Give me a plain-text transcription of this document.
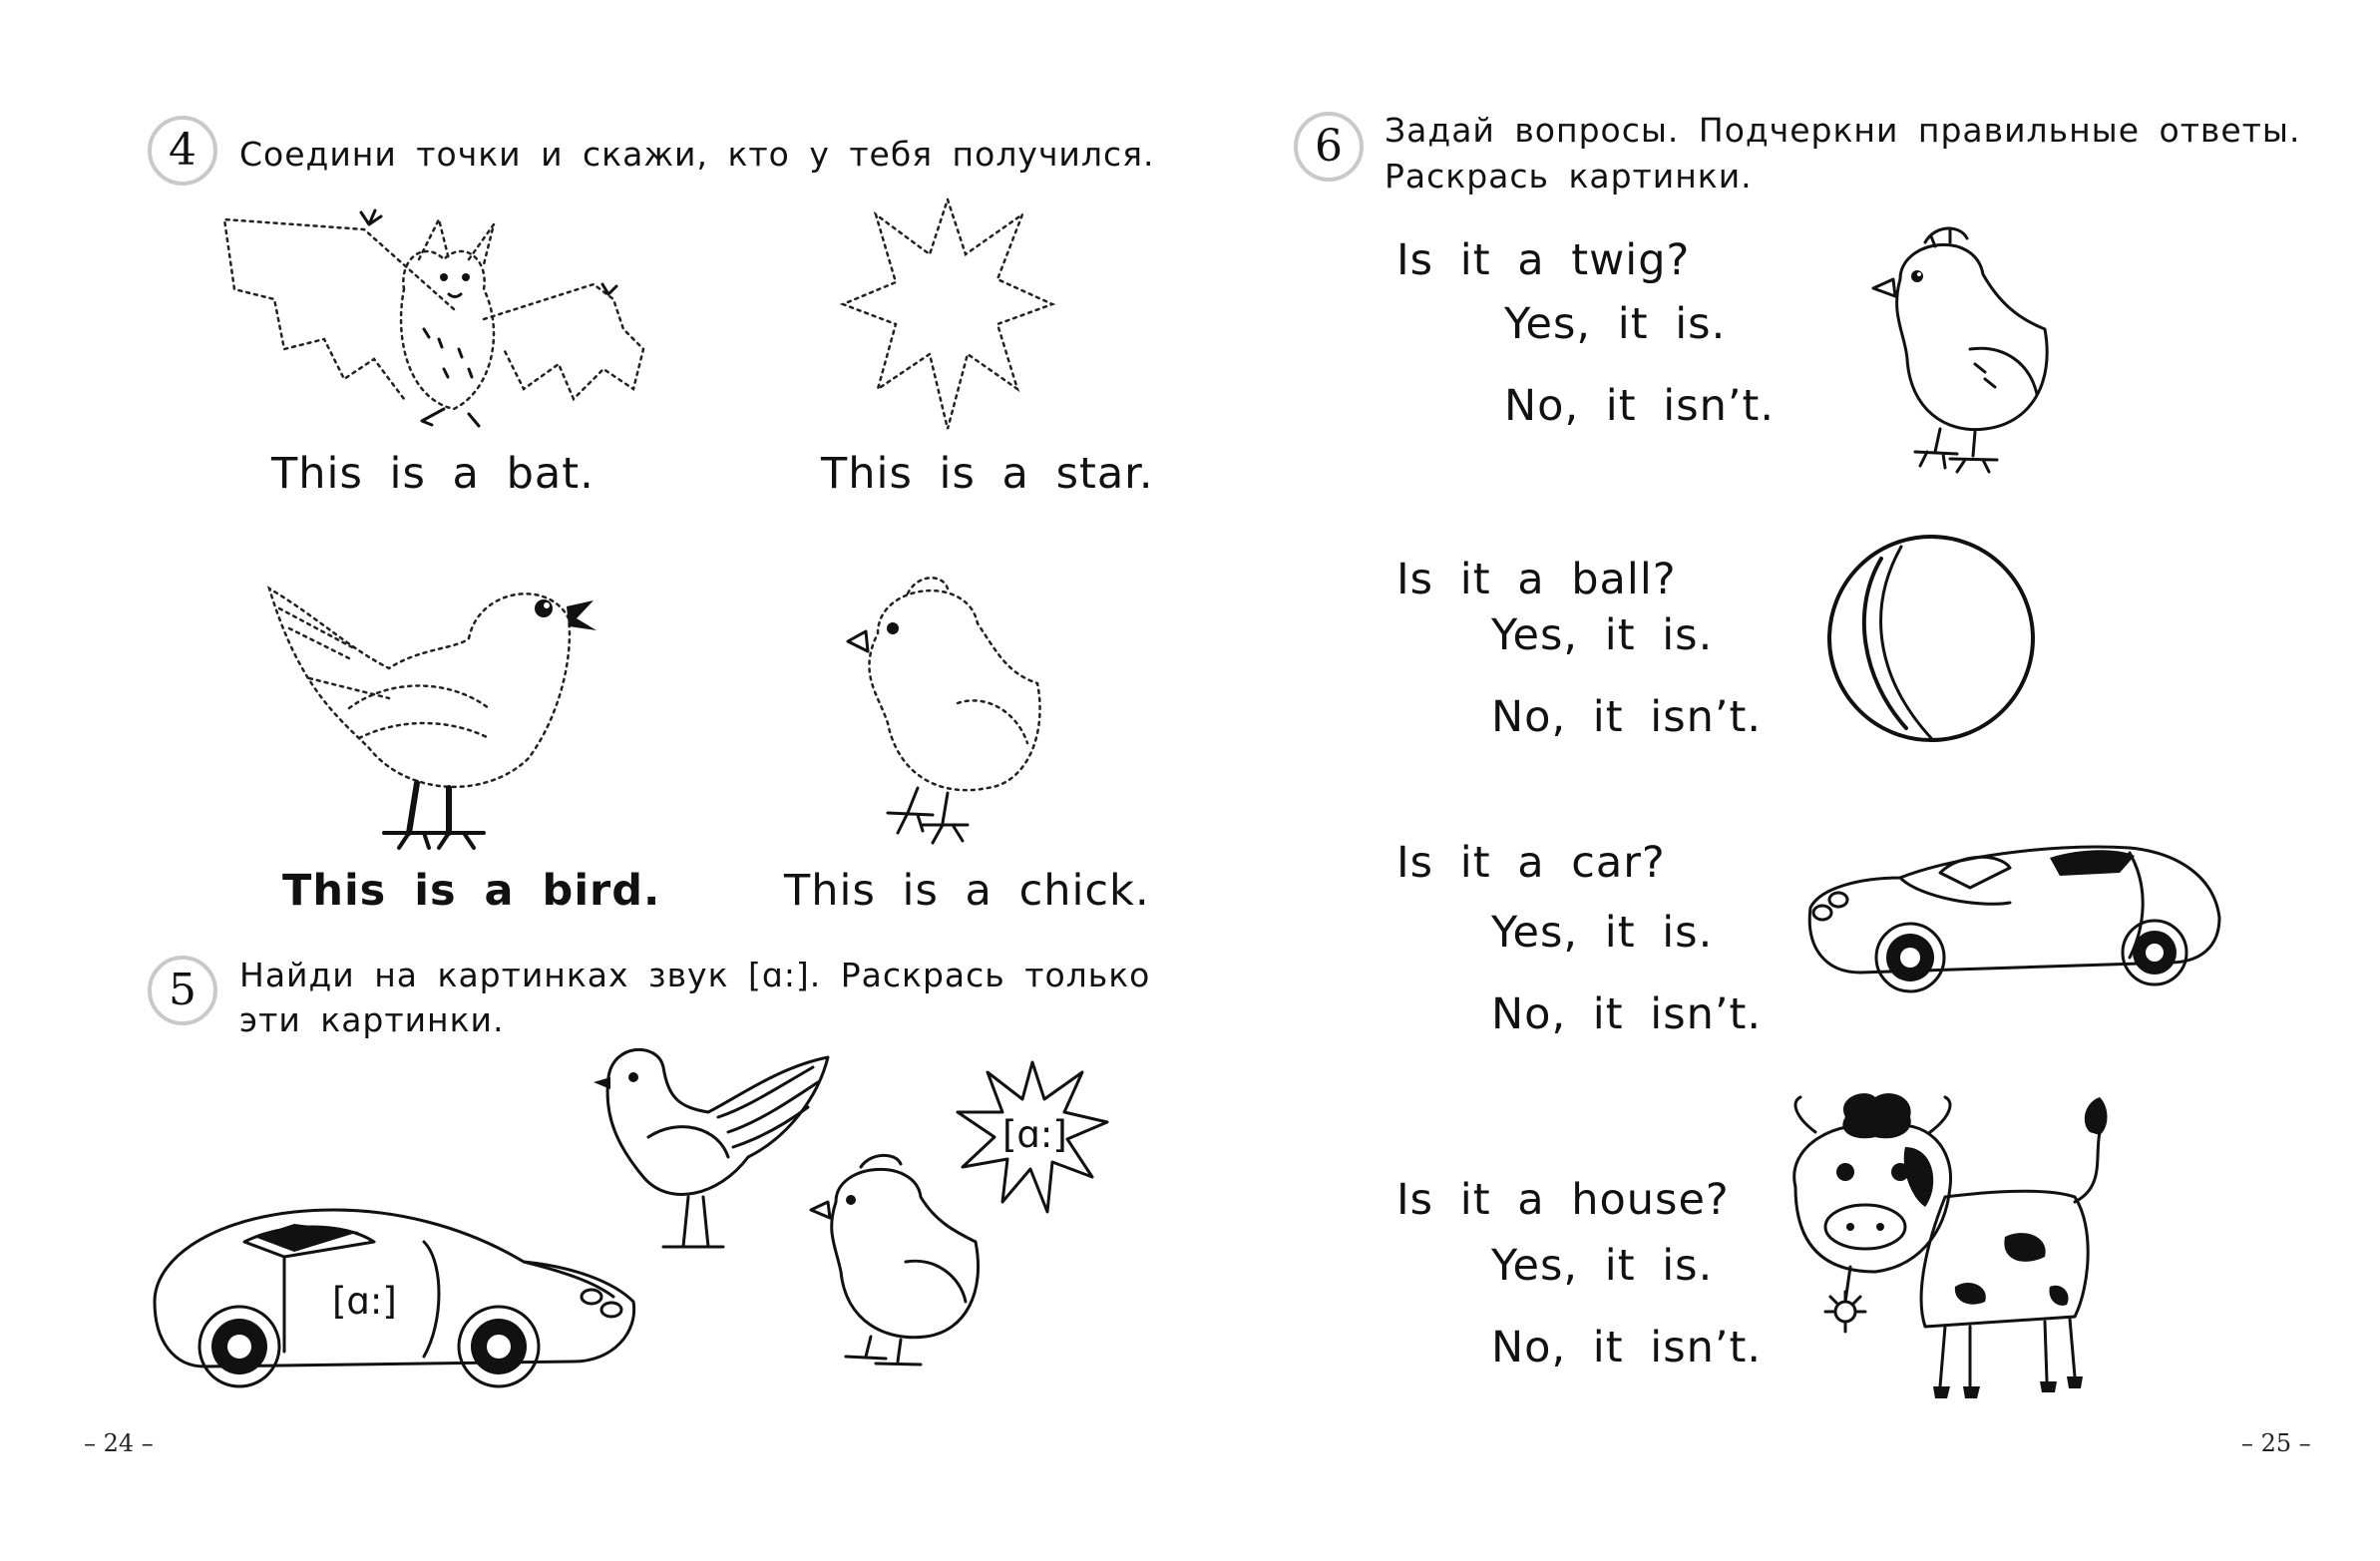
4	Соедини точки и скажи, кто у тебя получился.
This is a bat.	This is a star.
This is a bird.	This is a chick.
5	Найди на картинках звук [ɑ:]. Раскрась только
эти картинки.
[ɑ:]
[ɑ:]
– 24 –
6	Задай вопросы. Подчеркни правильные ответы.
Раскрась картинки.
Is it a twig?
Yes, it is.
No, it isn’t.
Is it a ball?
Yes, it is.
No, it isn’t.
Is it a car?
Yes, it is.
No, it isn’t.
Is it a house?
Yes, it is.
No, it isn’t.
– 25 –
